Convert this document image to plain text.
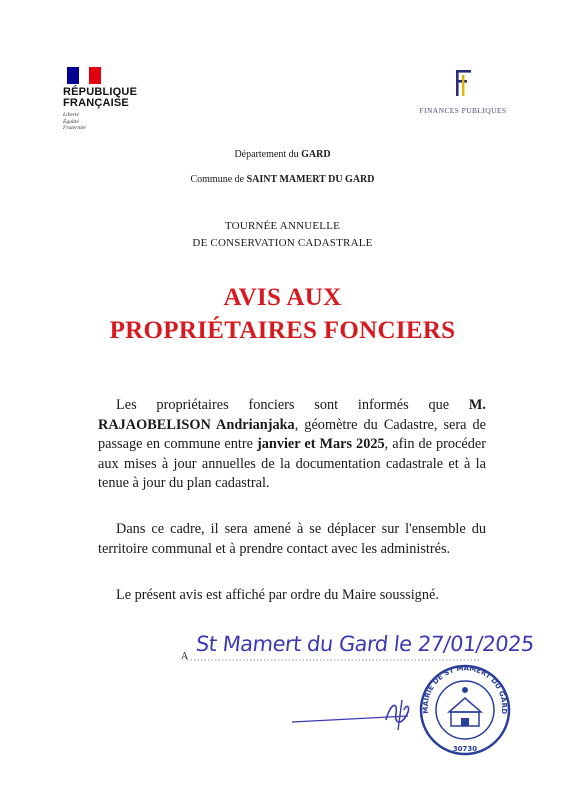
RÉPUBLIQUE
FRANÇAISE
Liberté
Égalité
Fraternité
FINANCES PUBLIQUES
Département du GARD
Commune de SAINT MAMERT DU GARD
TOURNÉE ANNUELLE
DE CONSERVATION CADASTRALE
AVIS AUX
PROPRIÉTAIRES FONCIERS
Les propriétaires fonciers sont informés que M. RAJAOBELISON Andrianjaka, géomètre du Cadastre, sera de passage en commune entre janvier et Mars 2025, afin de procéder aux mises à jour annuelles de la documentation cadastrale et à la tenue à jour du plan cadastral.
Dans ce cadre, il sera amené à se déplacer sur l'ensemble du territoire communal et à prendre contact avec les administrés.
Le présent avis est affiché par ordre du Maire soussigné.
A
St Mamert du Gard le 27/01/2025
MAIRIE DE ST MAMERT DU GARD
30730
